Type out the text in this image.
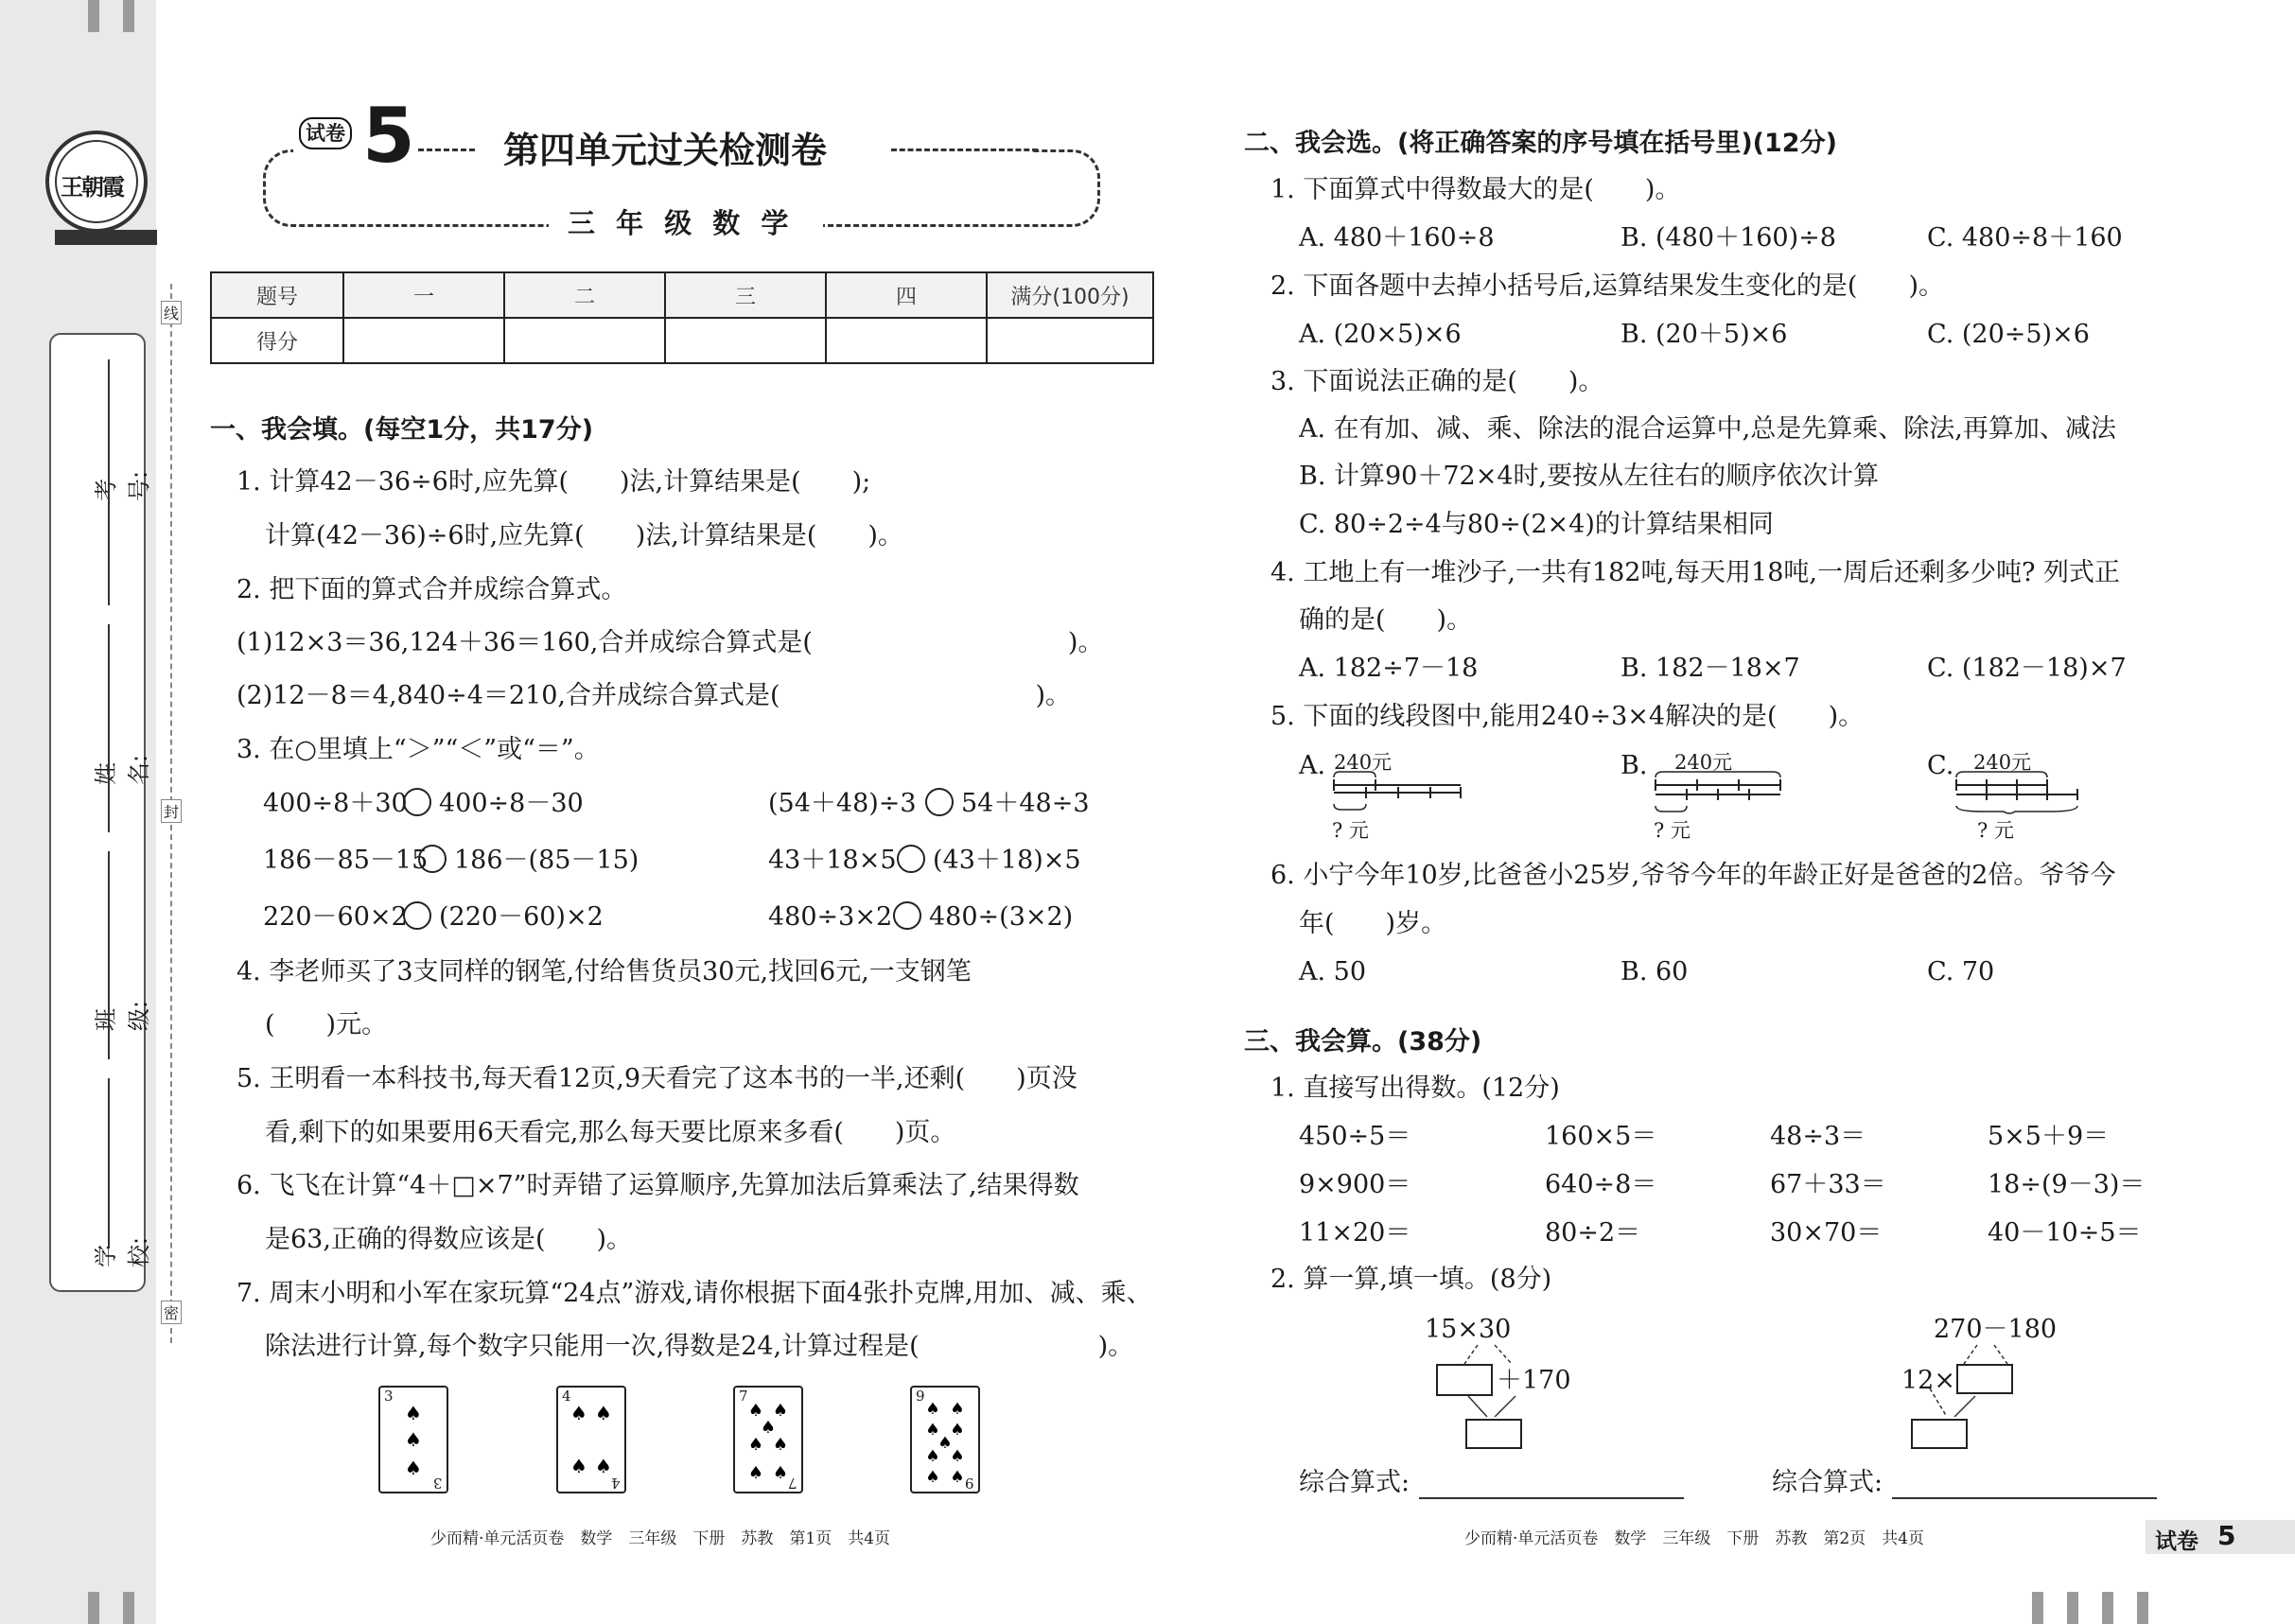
线
封
密
王朝霞
考号:
姓名:
班级:
学校:
试卷 5 第四单元过关检测卷
三 年 级 数 学
题号	一	二	三	四	满分(100分)
得分					
一、我会填。(每空1分，共17分)
1. 计算42－36÷6时,应先算(　　)法,计算结果是(　　);
计算(42－36)÷6时,应先算(　　)法,计算结果是(　　)。
2. 把下面的算式合并成综合算式。
(1)12×3＝36,124＋36＝160,合并成综合算式是(　　　　　　　　　　)。
(2)12－8＝4,840÷4＝210,合并成综合算式是(　　　　　　　　　　)。
3. 在○里填上“＞”“＜”或“＝”。
400÷8＋30 400÷8－30	(54＋48)÷3 54＋48÷3
186－85－15 186－(85－15)	43＋18×5 (43＋18)×5
220－60×2 (220－60)×2	480÷3×2 480÷(3×2)
4. 李老师买了3支同样的钢笔,付给售货员30元,找回6元,一支钢笔
(　　)元。
5. 王明看一本科技书,每天看12页,9天看完了这本书的一半,还剩(　　)页没
看,剩下的如果要用6天看完,那么每天要比原来多看(　　)页。
6. 飞飞在计算“4＋□×7”时弄错了运算顺序,先算加法后算乘法了,结果得数
是63,正确的得数应该是(　　)。
7. 周末小明和小军在家玩算“24点”游戏,请你根据下面4张扑克牌,用加、减、乘、
除法进行计算,每个数字只能用一次,得数是24,计算过程是(　　　　　　　)。
3
♠
♠
♠
3
4
♠ ♠
♠ ♠
4
7
♠ ♠
♠
♠ ♠
♠ ♠ 7
9
♠ ♠
♠ ♠
♠
♠ ♠
♠ ♠ 9
少而精·单元活页卷　数学　三年级　下册　苏教　第1页　共4页
二、我会选。(将正确答案的序号填在括号里)(12分)
1. 下面算式中得数最大的是(　　)。
A. 480＋160÷8	B. (480＋160)÷8	C. 480÷8＋160
2. 下面各题中去掉小括号后,运算结果发生变化的是(　　)。
A. (20×5)×6	B. (20＋5)×6	C. (20÷5)×6
3. 下面说法正确的是(　　)。
A. 在有加、减、乘、除法的混合运算中,总是先算乘、除法,再算加、减法
B. 计算90＋72×4时,要按从左往右的顺序依次计算
C. 80÷2÷4与80÷(2×4)的计算结果相同
4. 工地上有一堆沙子,一共有182吨,每天用18吨,一周后还剩多少吨? 列式正
确的是(　　)。
A. 182÷7－18	B. 182－18×7	C. (182－18)×7
5. 下面的线段图中,能用240÷3×4解决的是(　　)。
A. 240元
? 元
B. 240元
? 元
C. 240元
? 元
6. 小宁今年10岁,比爸爸小25岁,爷爷今年的年龄正好是爸爸的2倍。爷爷今
年(　　)岁。
A. 50	B. 60	C. 70
三、我会算。(38分)
1. 直接写出得数。(12分)
450÷5＝	160×5＝	48÷3＝	5×5＋9＝
9×900＝	640÷8＝	67＋33＝	18÷(9－3)＝
11×20＝	80÷2＝	30×70＝	40－10÷5＝
2. 算一算,填一填。(8分)
15×30
＋170
综合算式:
270－180
12×
综合算式:
少而精·单元活页卷　数学　三年级　下册　苏教　第2页　共4页	试卷 5
